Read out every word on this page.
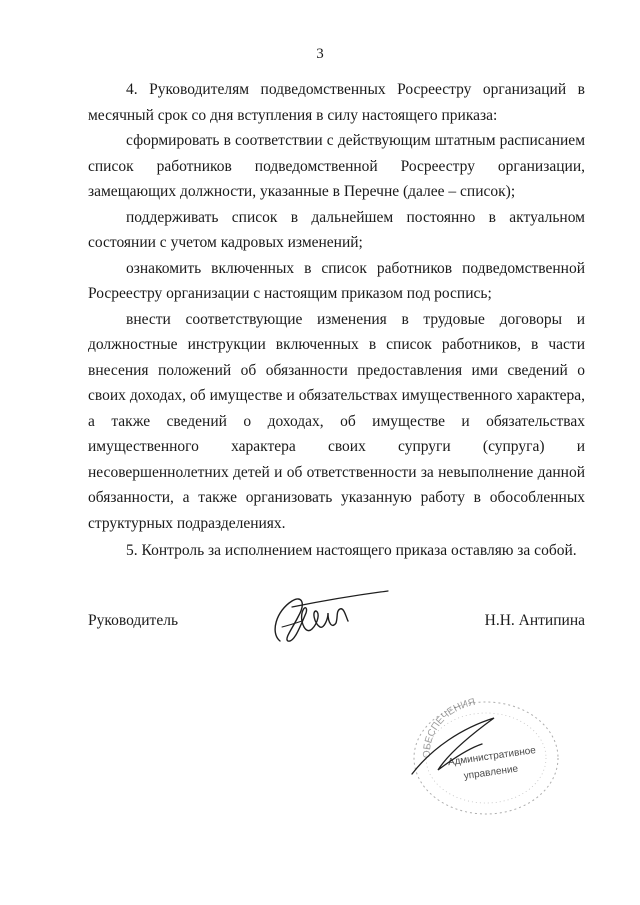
3

4. Руководителям подведомственных Росреестру организаций в месячный срок со дня вступления в силу настоящего приказа:

сформировать в соответствии с действующим штатным расписанием список работников подведомственной Росреестру организации, замещающих должности, указанные в Перечне (далее – список);

поддерживать список в дальнейшем постоянно в актуальном состоянии с учетом кадровых изменений;

ознакомить включенных в список работников подведомственной Росреестру организации с настоящим приказом под роспись;

внести соответствующие изменения в трудовые договоры и должностные инструкции включенных в список работников, в части внесения положений об обязанности предоставления ими сведений о своих доходах, об имуществе и обязательствах имущественного характера, а также сведений о доходах, об имуществе и обязательствах имущественного характера своих супруги (супруга) и несовершеннолетних детей и об ответственности за невыполнение данной обязанности, а также организовать указанную работу в обособленных структурных подразделениях.

5. Контроль за исполнением настоящего приказа оставляю за собой.

Руководитель	Н.Н. Антипина
ОБЕСПЕЧЕНИЯ
Административное
управление
